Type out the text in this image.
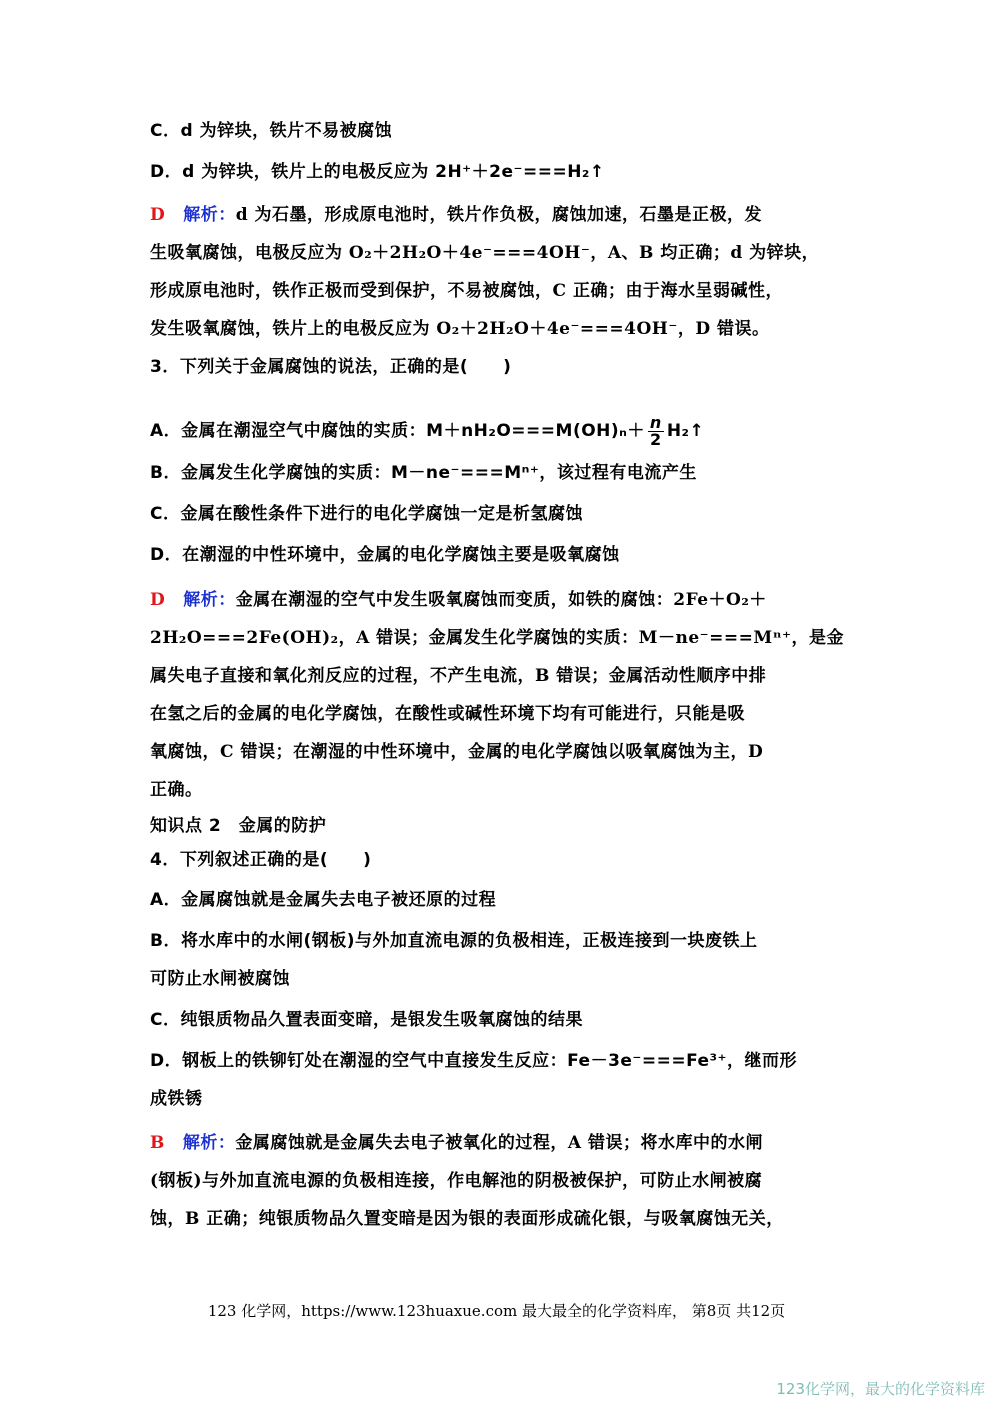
C．d 为锌块，铁片不易被腐蚀
D．d 为锌块，铁片上的电极反应为 2H⁺＋2e⁻===H₂↑
D 解析：d 为石墨，形成原电池时，铁片作负极，腐蚀加速，石墨是正极，发
生吸氧腐蚀，电极反应为 O₂＋2H₂O＋4e⁻===4OH⁻，A、B 均正确；d 为锌块，
形成原电池时，铁作正极而受到保护，不易被腐蚀，C 正确；由于海水呈弱碱性，
发生吸氧腐蚀，铁片上的电极反应为 O₂＋2H₂O＋4e⁻===4OH⁻，D 错误。
3．下列关于金属腐蚀的说法，正确的是(　　)
A．金属在潮湿空气中腐蚀的实质：$M+nH_2O===M(OH)_n+ \frac{n}{2}$ H₂↑
B．金属发生化学腐蚀的实质：M－ne⁻===Mⁿ⁺，该过程有电流产生
C．金属在酸性条件下进行的电化学腐蚀一定是析氢腐蚀
D．在潮湿的中性环境中，金属的电化学腐蚀主要是吸氧腐蚀
D 解析：金属在潮湿的空气中发生吸氧腐蚀而变质，如铁的腐蚀：2Fe＋O₂＋
2H₂O===2Fe(OH)₂，A 错误；金属发生化学腐蚀的实质：M－ne⁻===Mⁿ⁺，是金
属失电子直接和氧化剂反应的过程，不产生电流，B 错误；金属活动性顺序中排
在氢之后的金属的电化学腐蚀，在酸性或碱性环境下均有可能进行，只能是吸
氧腐蚀，C 错误；在潮湿的中性环境中，金属的电化学腐蚀以吸氧腐蚀为主，D
正确。
知识点 2　金属的防护
4．下列叙述正确的是(　　)
A．金属腐蚀就是金属失去电子被还原的过程
B．将水库中的水闸(钢板)与外加直流电源的负极相连，正极连接到一块废铁上
可防止水闸被腐蚀
C．纯银质物品久置表面变暗，是银发生吸氧腐蚀的结果
D．钢板上的铁铆钉处在潮湿的空气中直接发生反应：Fe－3e⁻===Fe³⁺，继而形
成铁锈
B 解析：金属腐蚀就是金属失去电子被氧化的过程，A 错误；将水库中的水闸
(钢板)与外加直流电源的负极相连接，作电解池的阴极被保护，可防止水闸被腐
蚀，B 正确；纯银质物品久置变暗是因为银的表面形成硫化银，与吸氧腐蚀无关，
123 化学网，https://www.123huaxue.com 最大最全的化学资料库， 第8页 共12页
123化学网，最大的化学资料库
